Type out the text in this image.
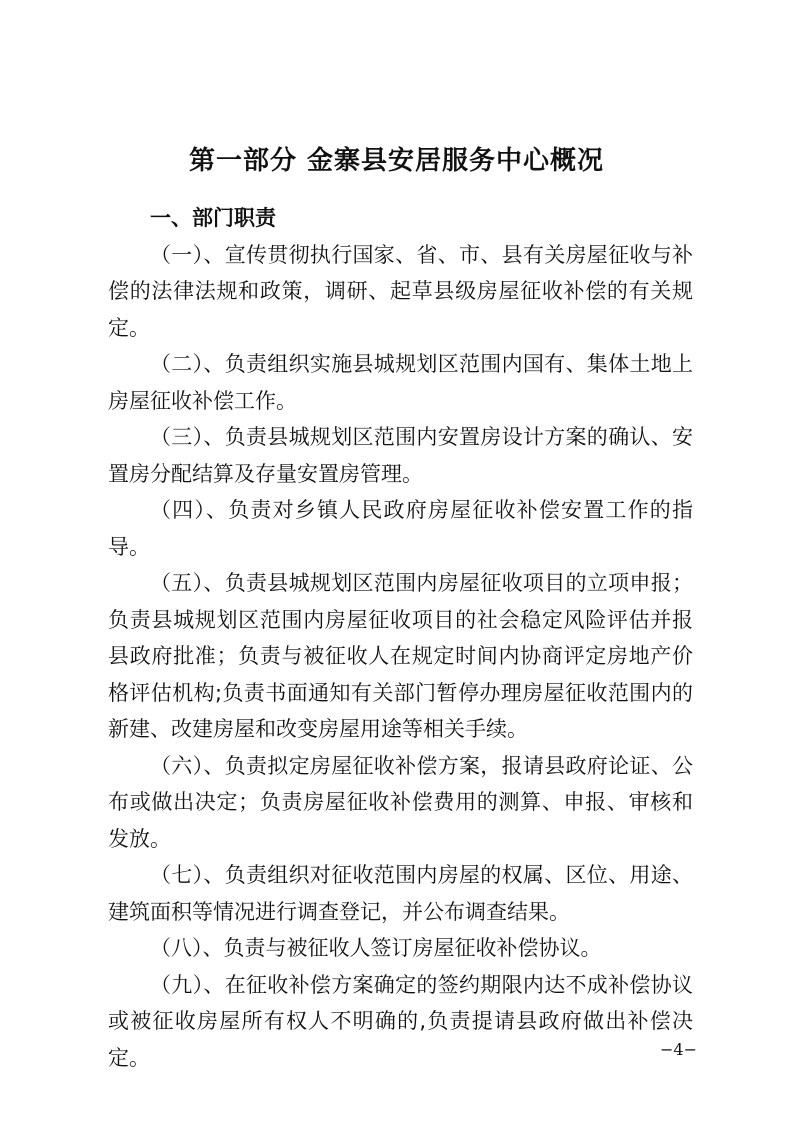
第一部分 金寨县安居服务中心概况

一、部门职责

（一）、宣传贯彻执行国家、省、市、县有关房屋征收与补偿的法律法规和政策，调研、起草县级房屋征收补偿的有关规定。

（二）、负责组织实施县城规划区范围内国有、集体土地上房屋征收补偿工作。

（三）、负责县城规划区范围内安置房设计方案的确认、安置房分配结算及存量安置房管理。

（四）、负责对乡镇人民政府房屋征收补偿安置工作的指导。

（五）、负责县城规划区范围内房屋征收项目的立项申报；负责县城规划区范围内房屋征收项目的社会稳定风险评估并报县政府批准；负责与被征收人在规定时间内协商评定房地产价格评估机构;负责书面通知有关部门暂停办理房屋征收范围内的新建、改建房屋和改变房屋用途等相关手续。

（六）、负责拟定房屋征收补偿方案，报请县政府论证、公布或做出决定；负责房屋征收补偿费用的测算、申报、审核和发放。

（七）、负责组织对征收范围内房屋的权属、区位、用途、建筑面积等情况进行调查登记，并公布调查结果。

（八）、负责与被征收人签订房屋征收补偿协议。

（九）、在征收补偿方案确定的签约期限内达不成补偿协议或被征收房屋所有权人不明确的,负责提请县政府做出补偿决定。	−4−
